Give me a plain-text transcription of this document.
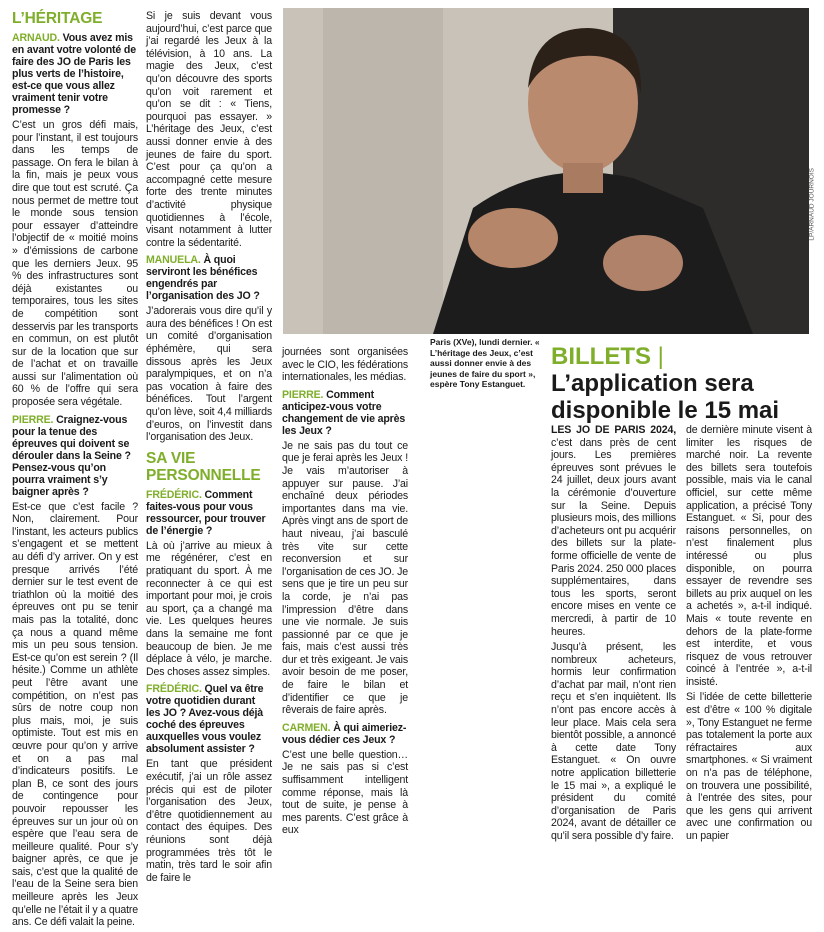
L’HÉRITAGE
ARNAUD. Vous avez mis en avant votre volonté de faire des JO de Paris les plus verts de l’histoire, est-ce que vous allez vraiment tenir votre promesse ?

C’est un gros défi mais, pour l’instant, il est toujours dans les temps de passage. On fera le bilan à la fin, mais je peux vous dire que tout est scruté. Ça nous permet de mettre tout le monde sous tension pour essayer d’atteindre l’objectif de « moitié moins » d’émissions de carbone que les derniers Jeux. 95 % des infrastructures sont déjà existantes ou temporaires, tous les sites de compétition sont desservis par les transports en commun, on est plutôt sur de la location que sur de l’achat et on travaille aussi sur l’alimentation où 60 % de l’offre qui sera proposée sera végétale.

PIERRE. Craignez-vous pour la tenue des épreuves qui doivent se dérouler dans la Seine ? Pensez-vous qu’on pourra vraiment s’y baigner après ?

Est-ce que c’est facile ? Non, clairement. Pour l’instant, les acteurs publics s’engagent et se mettent au défi d’y arriver. On y est presque arrivés l’été dernier sur le test event de triathlon où la moitié des épreuves ont pu se tenir mais pas la totalité, donc ça nous a quand même mis un peu sous tension. Est-ce qu’on est serein ? (Il hésite.) Comme un athlète peut l’être avant une compétition, on n’est pas sûrs de notre coup non plus mais, moi, je suis optimiste. Tout est mis en œuvre pour qu’on y arrive et on a pas mal d’indicateurs positifs. Le plan B, ce sont des jours de contingence pour pouvoir repousser les épreuves sur un jour où on espère que l’eau sera de meilleure qualité. Pour s’y baigner après, ce que je sais, c’est que la qualité de l’eau de la Seine sera bien meilleure après les Jeux qu’elle ne l’était il y a quatre ans. Ce défi valait la peine.

Si je suis devant vous aujourd’hui, c’est parce que j’ai regardé les Jeux à la télévision, à 10 ans. La magie des Jeux, c’est qu’on découvre des sports qu’on voit rarement et qu’on se dit : « Tiens, pourquoi pas essayer. » L’héritage des Jeux, c’est aussi donner envie à des jeunes de faire du sport. C’est pour ça qu’on a accompagné cette mesure forte des trente minutes d’activité physique quotidiennes à l’école, visant notamment à lutter contre la sédentarité.

MANUELA. À quoi serviront les bénéfices engendrés par l’organisation des JO ?

J’adorerais vous dire qu’il y aura des bénéfices ! On est un comité d’organisation éphémère, qui sera dissous après les Jeux paralympiques, et on n’a pas vocation à faire des bénéfices. Tout l’argent qu’on lève, soit 4,4 milliards d’euros, on l’investit dans l’organisation des Jeux.

SA VIE PERSONNELLE
FRÉDÉRIC. Comment faites-vous pour vous ressourcer, pour trouver de l’énergie ?

Là où j’arrive au mieux à me régénérer, c’est en pratiquant du sport. À me reconnecter à ce qui est important pour moi, je crois au sport, ça a changé ma vie. Les quelques heures dans la semaine me font beaucoup de bien. Je me déplace à vélo, je marche. Des choses assez simples.

FRÉDÉRIC. Quel va être votre quotidien durant les JO ? Avez-vous déjà coché des épreuves auxquelles vous voulez absolument assister ?

En tant que président exécutif, j’ai un rôle assez précis qui est de piloter l’organisation des Jeux, d’être quotidiennement au contact des équipes. Des réunions sont déjà programmées très tôt le matin, très tard le soir afin de faire le

LP/ARNAUD JOURNOIS

journées sont organisées avec le CIO, les fédérations internationales, les médias.

PIERRE. Comment anticipez-vous votre changement de vie après les Jeux ?

Je ne sais pas du tout ce que je ferai après les Jeux ! Je vais m’autoriser à appuyer sur pause. J’ai enchaîné deux périodes importantes dans ma vie. Après vingt ans de sport de haut niveau, j’ai basculé très vite sur cette reconversion et sur l’organisation de ces JO. Je sens que je tire un peu sur la corde, je n’ai pas l’impression d’être dans une vie normale. Je suis passionné par ce que je fais, mais c’est aussi très dur et très exigeant. Je vais avoir besoin de me poser, de faire le bilan et d’identifier ce que je rêverais de faire après.

CARMEN. À qui aimeriez-vous dédier ces Jeux ?

C’est une belle question… Je ne sais pas si c’est suffisamment intelligent comme réponse, mais là tout de suite, je pense à mes parents. C’est grâce à eux

Paris (XVe), lundi dernier. « L’héritage des Jeux, c’est aussi donner envie à des jeunes de faire du sport », espère Tony Estanguet.
BILLETS | L’application sera disponible le 15 mai

LES JO DE PARIS 2024, c’est dans près de cent jours. Les premières épreuves sont prévues le 24 juillet, deux jours avant la cérémonie d’ouverture sur la Seine. Depuis plusieurs mois, des millions d’acheteurs ont pu acquérir des billets sur la plate-forme officielle de vente de Paris 2024. 250 000 places supplémentaires, dans tous les sports, seront encore mises en vente ce mercredi, à partir de 10 heures.

Jusqu’à présent, les nombreux acheteurs, hormis leur confirmation d’achat par mail, n’ont rien reçu et s’en inquiètent. Ils n’ont pas encore accès à leur place. Mais cela sera bientôt possible, a annoncé à cette date Tony Estanguet. « On ouvre notre application billetterie le 15 mai », a expliqué le président du comité d’organisation de Paris 2024, avant de détailler ce qu’il sera possible d’y faire.

de dernière minute visent à limiter les risques de marché noir. La revente des billets sera toutefois possible, mais via le canal officiel, sur cette même application, a précisé Tony Estanguet. « Si, pour des raisons personnelles, on n’est finalement plus intéressé ou plus disponible, on pourra essayer de revendre ses billets au prix auquel on les a achetés », a-t-il indiqué. Mais « toute revente en dehors de la plate-forme est interdite, et vous risquez de vous retrouver coincé à l’entrée », a-t-il insisté.

Si l’idée de cette billetterie est d’être « 100 % digitale », Tony Estanguet ne ferme pas totalement la porte aux réfractaires aux smartphones. « Si vraiment on n’a pas de téléphone, on trouvera une possibilité, à l’entrée des sites, pour que les gens qui arrivent avec une confirmation ou un papier
